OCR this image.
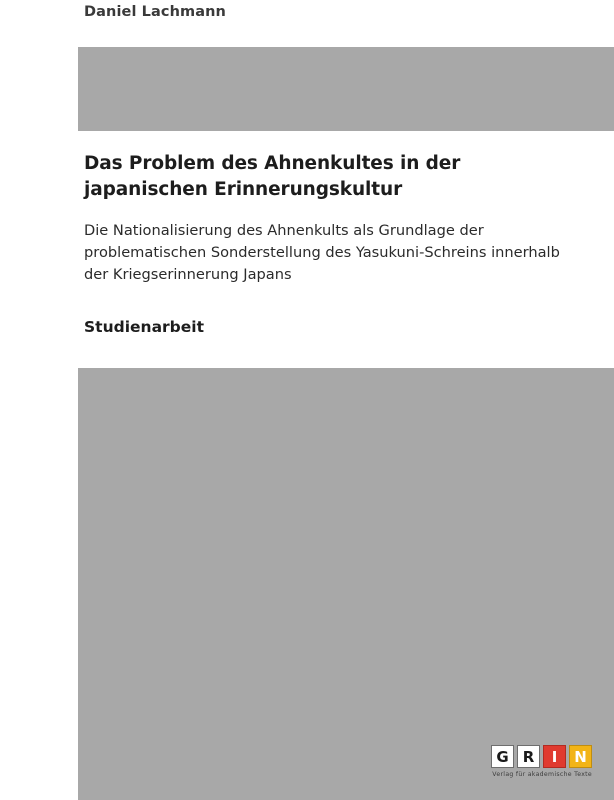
Daniel Lachmann
Das Problem des Ahnenkultes in der japanischen Erinnerungskultur

Die Nationalisierung des Ahnenkults als Grundlage der problematischen Sonderstellung des Yasukuni-Schreins innerhalb der Kriegserinnerung Japans

Studienarbeit

G R	I	N
Verlag für akademische Texte
